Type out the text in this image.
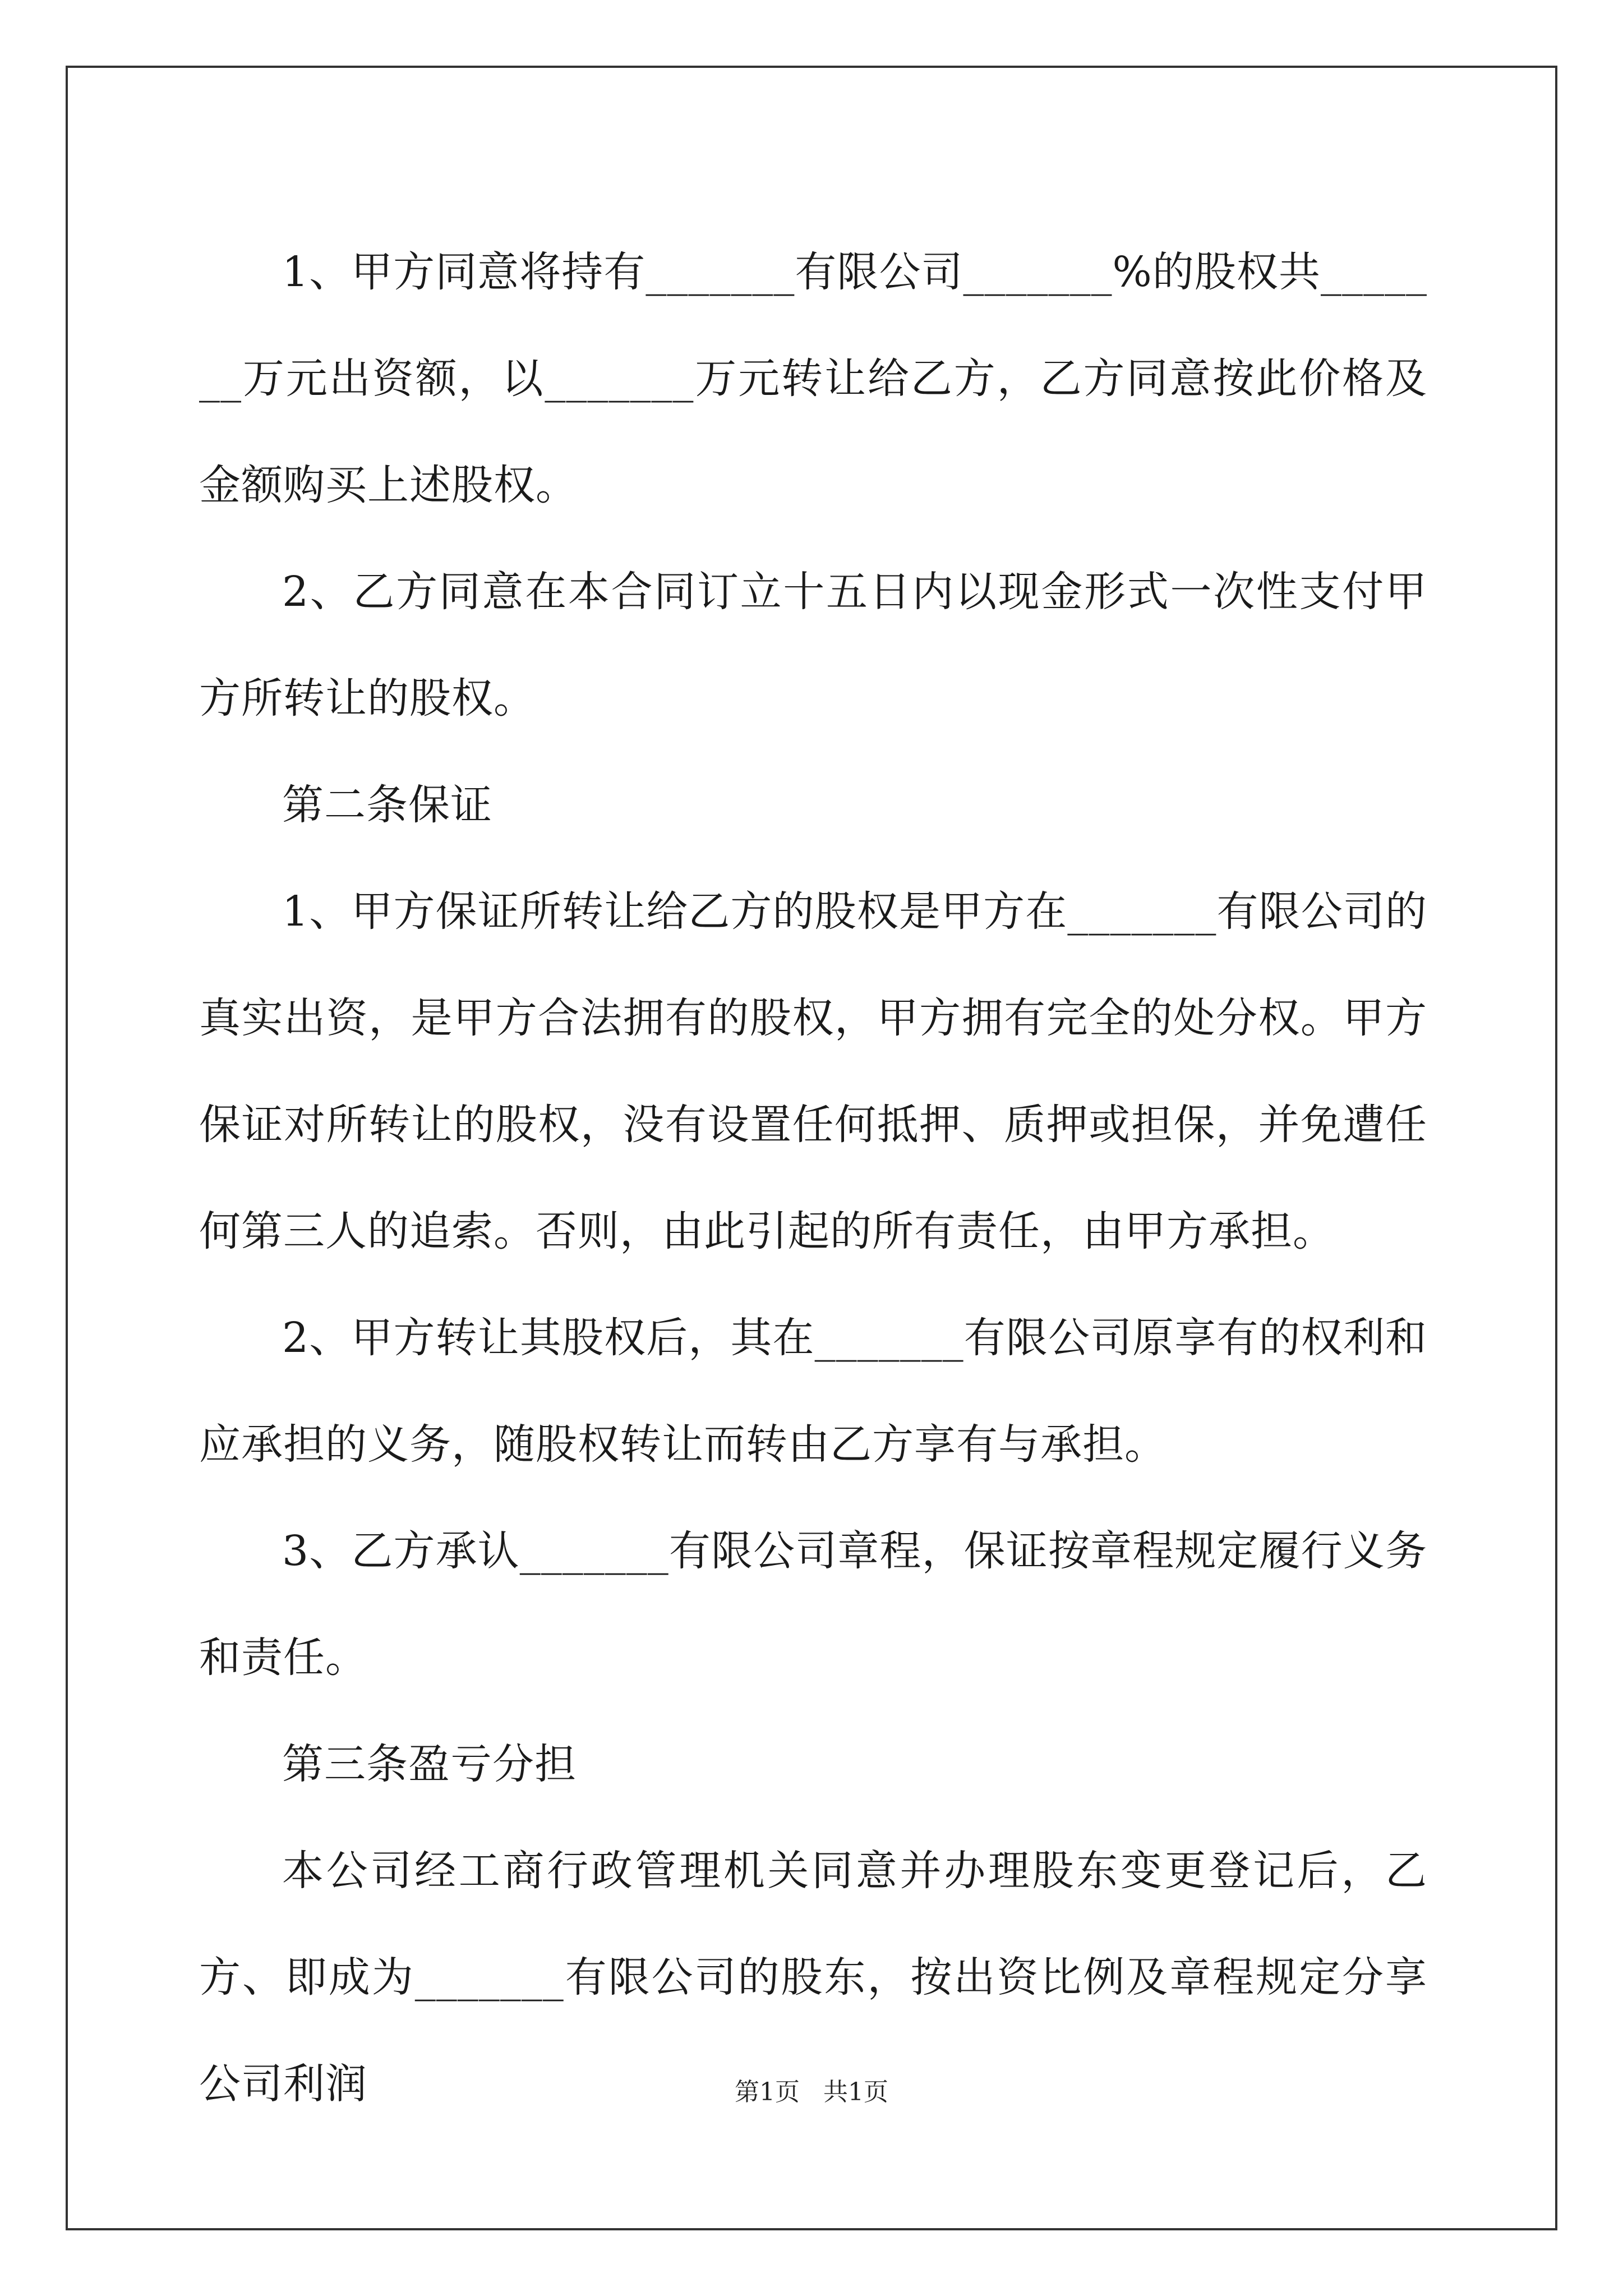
1、甲方同意将持有_______有限公司_______%的股权共_______万元出资额，以_______万元转让给乙方，乙方同意按此价格及金额购买上述股权。

2、乙方同意在本合同订立十五日内以现金形式一次性支付甲方所转让的股权。

第二条保证

1、甲方保证所转让给乙方的股权是甲方在_______有限公司的真实出资，是甲方合法拥有的股权，甲方拥有完全的处分权。甲方保证对所转让的股权，没有设置任何抵押、质押或担保，并免遭任何第三人的追索。否则，由此引起的所有责任，由甲方承担。

2、甲方转让其股权后，其在_______有限公司原享有的权利和应承担的义务，随股权转让而转由乙方享有与承担。

3、乙方承认_______有限公司章程，保证按章程规定履行义务和责任。

第三条盈亏分担

本公司经工商行政管理机关同意并办理股东变更登记后，乙方、即成为_______有限公司的股东，按出资比例及章程规定分享公司利润	第1页   共1页
